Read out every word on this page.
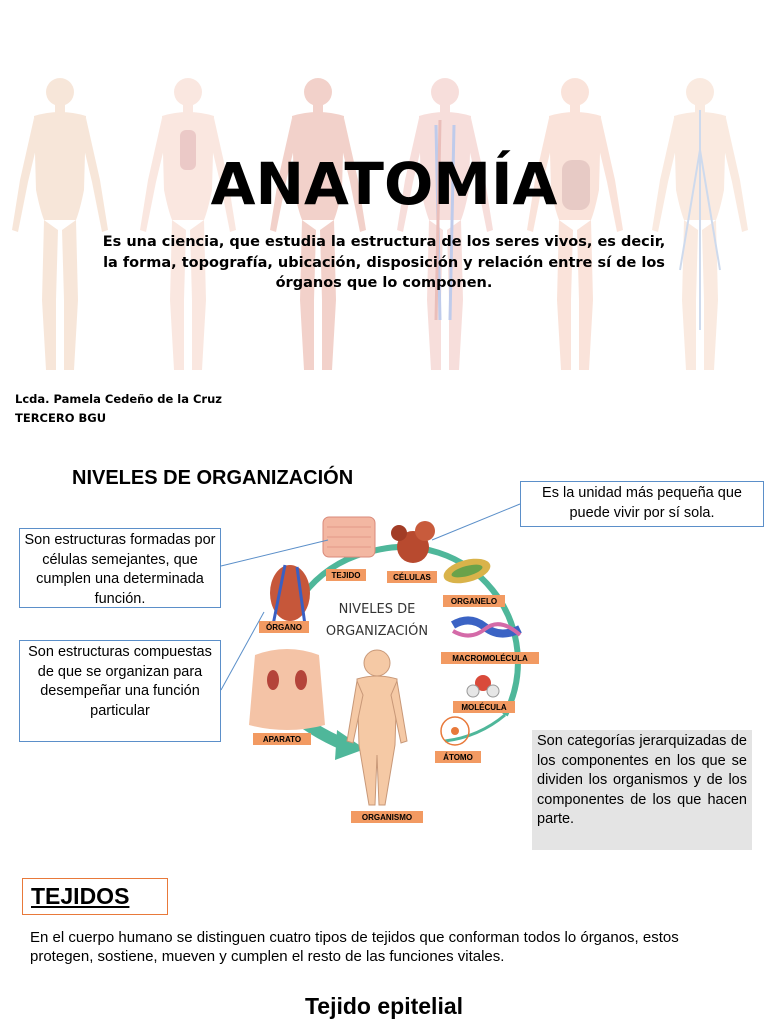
ANATOMÍA
Es una ciencia, que estudia la estructura de los seres vivos, es decir, la forma, topografía, ubicación, disposición y relación entre sí de los órganos que lo componen.
Lcda. Pamela Cedeño de la Cruz
TERCERO BGU
NIVELES DE ORGANIZACIÓN
NIVELES DE
ORGANIZACIÓN
TEJIDO	CÉLULAS
ORGANELO
ÓRGANO
MACROMOLÉCULA
MOLÉCULA
APARATO
ÁTOMO
ORGANISMO
Es la unidad más pequeña que puede vivir por sí sola.
Son estructuras formadas por células semejantes, que cumplen una determinada función.
Son estructuras compuestas de que se organizan para desempeñar una función particular
Son categorías jerarquizadas de los componentes en los que se dividen los organismos y de los componentes de los que hacen parte.
TEJIDOS
En el cuerpo humano se distinguen cuatro tipos de tejidos que conforman todos lo órganos, estos protegen, sostiene, mueven y cumplen el resto de las funciones vitales.
Tejido epitelial
